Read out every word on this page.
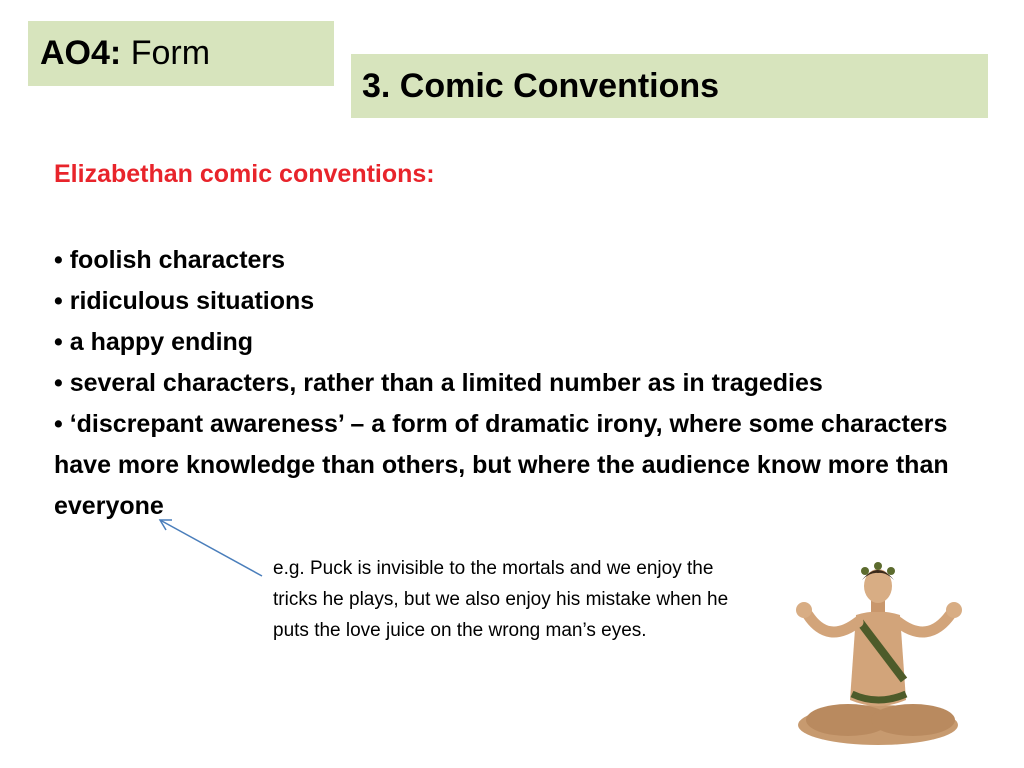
AO4: Form
3. Comic Conventions
Elizabethan comic conventions:
• foolish characters
• ridiculous situations
• a happy ending
• several characters, rather than a limited number as in tragedies
• ‘discrepant awareness’ – a form of dramatic irony, where some characters have more knowledge than others, but where the audience know more than everyone
e.g. Puck is invisible to the mortals and we enjoy the tricks he plays, but we also enjoy his mistake when he puts the love juice on the wrong man’s eyes.
